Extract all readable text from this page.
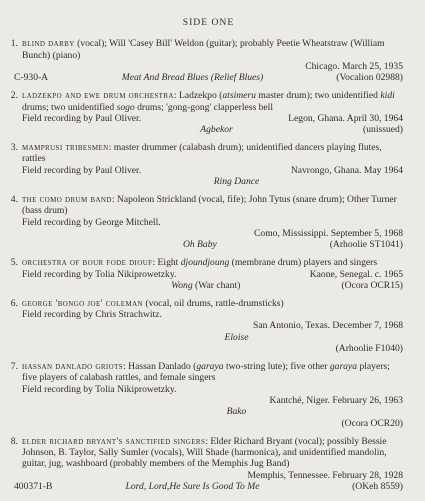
SIDE ONE
1. blind darby (vocal); Will 'Casey Bill' Weldon (guitar); probably Peetie Wheatstraw (William Bunch) (piano)
Chicago. March 25, 1935
C-930-A	Meat And Bread Blues (Relief Blues)	(Vocalion 02988)
2. ladzekpo and ewe drum orchestra: Ladzekpo (atsimeru master drum); two unidentified kidi drums; two unidentified sogo drums; 'gong-gong' clapperless bell
Field recording by Paul Oliver.	Legon, Ghana. April 30, 1964
Agbekor	(unissued)
3. mamprusi tribesmen: master drummer (calabash drum); unidentified dancers playing flutes, rattles
Field recording by Paul Oliver.	Navrongo, Ghana. May 1964
Ring Dance
4. the como drum band: Napoleon Strickland (vocal, fife); John Tytus (snare drum); Other Turner (bass drum)
Field recording by George Mitchell.
Como, Mississippi. September 5, 1968
Oh Baby	(Arhoolie ST1041)
5. orchestra of bour fode diouf: Eight djoundjoung (membrane drum) players and singers
Field recording by Tolia Nikiprowetzky.	Kaone, Senegal. c. 1965
Wong (War chant)	(Ocora OCR15)
6. george 'bongo joe' coleman (vocal, oil drums, rattle-drumsticks)
Field recording by Chris Strachwitz.
San Antonio, Texas. December 7, 1968
Eloise
(Arhoolie F1040)
7. hassan danlado griots: Hassan Danlado (garaya two-string lute); five other garaya players; five players of calabash rattles, and female singers
Field recording by Tolia Nikiprowetzky.
Kantché, Niger. February 26, 1963
Bako
(Ocora OCR20)
8. elder richard bryant's sanctified singers: Elder Richard Bryant (vocal); possibly Bessie Johnson, B. Taylor, Sally Sumler (vocals), Will Shade (harmonica), and unidentified mandolin, guitar, jug, washboard (probably members of the Memphis Jug Band)
Memphis, Tennessee. February 28, 1928
400371-B	Lord, Lord,He Sure Is Good To Me	(OKeh 8559)
